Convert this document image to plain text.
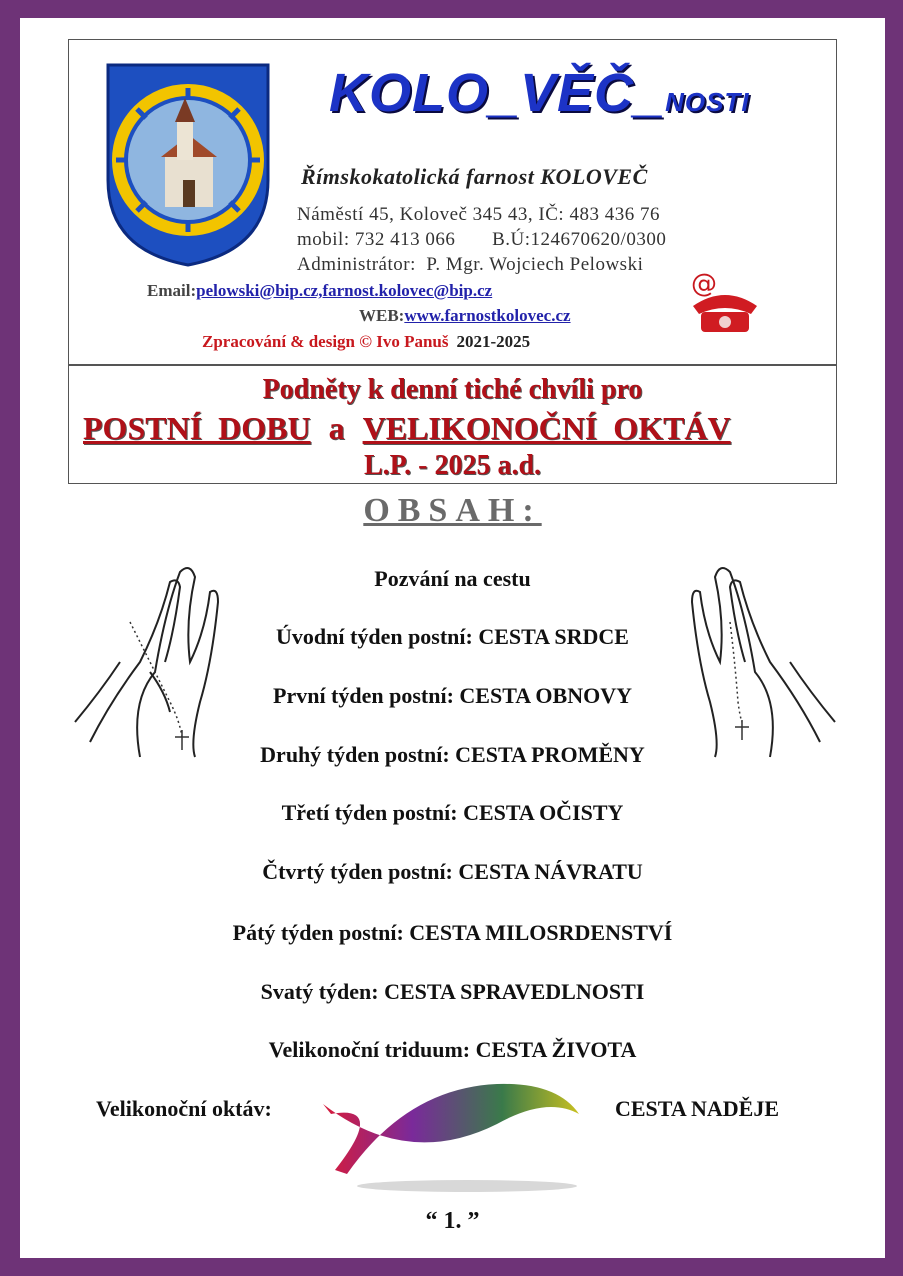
KOLO_VĚČ_NOSTI
Římskokatolická farnost KOLOVEČ
Náměstí 45, Koloveč 345 43, IČ: 483 436 76
mobil: 732 413 066       B.Ú:124670620/0300
Administrátor:  P. Mgr. Wojciech Pelowski
Email:pelowski@bip.cz,farnost.kolovec@bip.cz
WEB:www.farnostkolovec.cz
Zpracování & design © Ivo Panuš 2021-2025
@
Podněty k denní tiché chvíli pro
POSTNÍ  DOBU a VELIKONOČNÍ  OKTÁV
L.P. - 2025 a.d.
OBSAH:
Pozvání na cestu
Úvodní týden postní: CESTA SRDCE
První týden postní: CESTA OBNOVY
Druhý týden postní: CESTA PROMĚNY
Třetí týden postní: CESTA OČISTY
Čtvrtý týden postní: CESTA NÁVRATU
Pátý týden postní: CESTA MILOSRDENSTVÍ
Svatý týden: CESTA SPRAVEDLNOSTI
Velikonoční triduum: CESTA ŽIVOTA
Velikonoční oktáv:	CESTA NADĚJE
“ 1. ”
